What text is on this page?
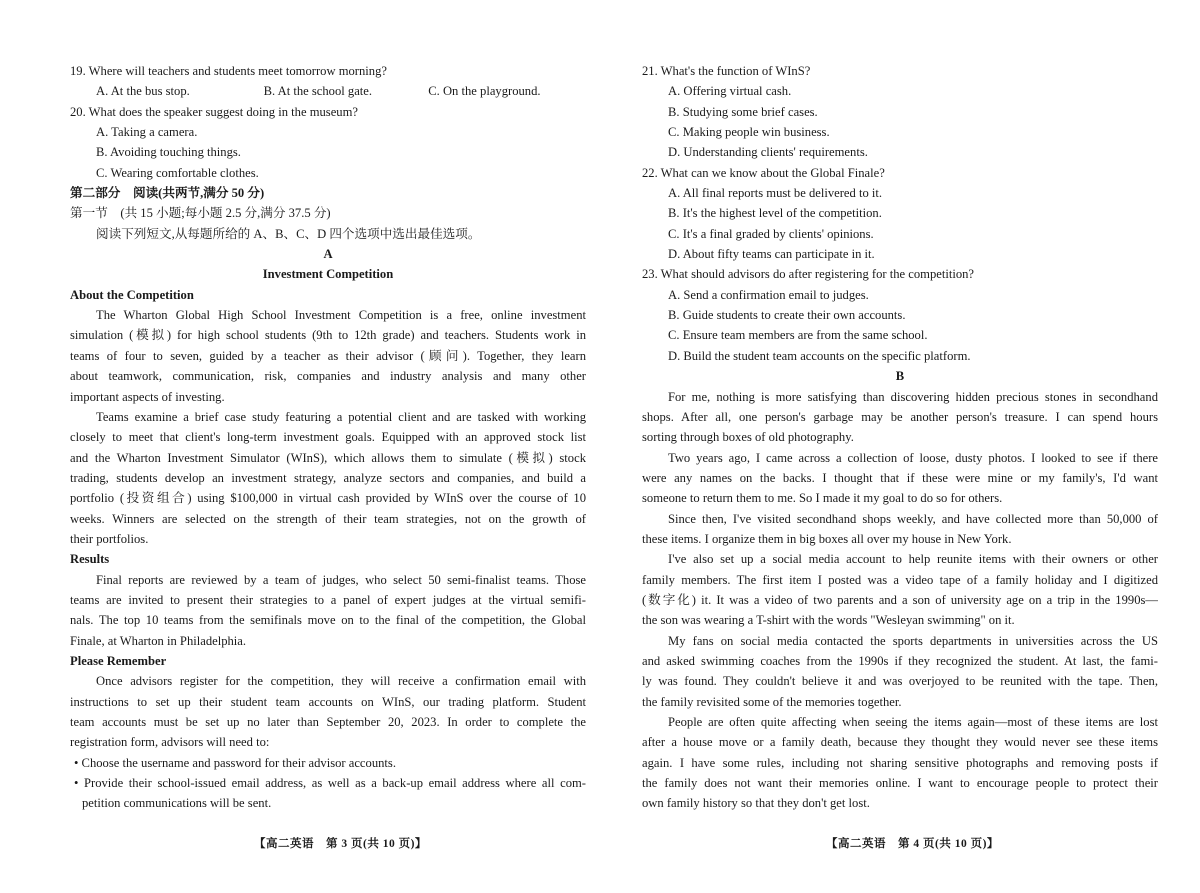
19. Where will teachers and students meet tomorrow morning?
A. At the bus stop.	B. At the school gate.	C. On the playground.
20. What does the speaker suggest doing in the museum?
A. Taking a camera.
B. Avoiding touching things.
C. Wearing comfortable clothes.
第二部分　阅读(共两节,满分 50 分)
第一节　(共 15 小题;每小题 2.5 分,满分 37.5 分)
阅读下列短文,从每题所给的 A、B、C、D 四个选项中选出最佳选项。
A
Investment Competition
About the Competition
The Wharton Global High School Investment Competition is a free, online investment
simulation (模拟) for high school students (9th to 12th grade) and teachers. Students work in
teams of four to seven, guided by a teacher as their advisor (顾问). Together, they learn
about teamwork, communication, risk, companies and industry analysis and many other
important aspects of investing.
Teams examine a brief case study featuring a potential client and are tasked with working
closely to meet that client's long-term investment goals. Equipped with an approved stock list
and the Wharton Investment Simulator (WInS), which allows them to simulate (模拟) stock
trading, students develop an investment strategy, analyze sectors and companies, and build a
portfolio (投资组合) using $100,000 in virtual cash provided by WInS over the course of 10
weeks. Winners are selected on the strength of their team strategies, not on the growth of
their portfolios.
Results
Final reports are reviewed by a team of judges, who select 50 semi-finalist teams. Those
teams are invited to present their strategies to a panel of expert judges at the virtual semifi-
nals. The top 10 teams from the semifinals move on to the final of the competition, the Global
Finale, at Wharton in Philadelphia.
Please Remember
Once advisors register for the competition, they will receive a confirmation email with
instructions to set up their student team accounts on WInS, our trading platform. Student
team accounts must be set up no later than September 20, 2023. In order to complete the
registration form, advisors will need to:
• Choose the username and password for their advisor accounts.
• Provide their school-issued email address, as well as a back-up email address where all com-
petition communications will be sent.
21. What's the function of WInS?
A. Offering virtual cash.
B. Studying some brief cases.
C. Making people win business.
D. Understanding clients' requirements.
22. What can we know about the Global Finale?
A. All final reports must be delivered to it.
B. It's the highest level of the competition.
C. It's a final graded by clients' opinions.
D. About fifty teams can participate in it.
23. What should advisors do after registering for the competition?
A. Send a confirmation email to judges.
B. Guide students to create their own accounts.
C. Ensure team members are from the same school.
D. Build the student team accounts on the specific platform.
B
For me, nothing is more satisfying than discovering hidden precious stones in secondhand
shops. After all, one person's garbage may be another person's treasure. I can spend hours
sorting through boxes of old photography.
Two years ago, I came across a collection of loose, dusty photos. I looked to see if there
were any names on the backs. I thought that if these were mine or my family's, I'd want
someone to return them to me. So I made it my goal to do so for others.
Since then, I've visited secondhand shops weekly, and have collected more than 50,000 of
these items. I organize them in big boxes all over my house in New York.
I've also set up a social media account to help reunite items with their owners or other
family members. The first item I posted was a video tape of a family holiday and I digitized
(数字化) it. It was a video of two parents and a son of university age on a trip in the 1990s—
the son was wearing a T-shirt with the words "Wesleyan swimming" on it.
My fans on social media contacted the sports departments in universities across the US
and asked swimming coaches from the 1990s if they recognized the student. At last, the fami-
ly was found. They couldn't believe it and was overjoyed to be reunited with the tape. Then,
the family revisited some of the memories together.
People are often quite affecting when seeing the items again—most of these items are lost
after a house move or a family death, because they thought they would never see these items
again. I have some rules, including not sharing sensitive photographs and removing posts if
the family does not want their memories online. I want to encourage people to protect their
own family history so that they don't get lost.
【高二英语　第 3 页(共 10 页)】	【高二英语　第 4 页(共 10 页)】
